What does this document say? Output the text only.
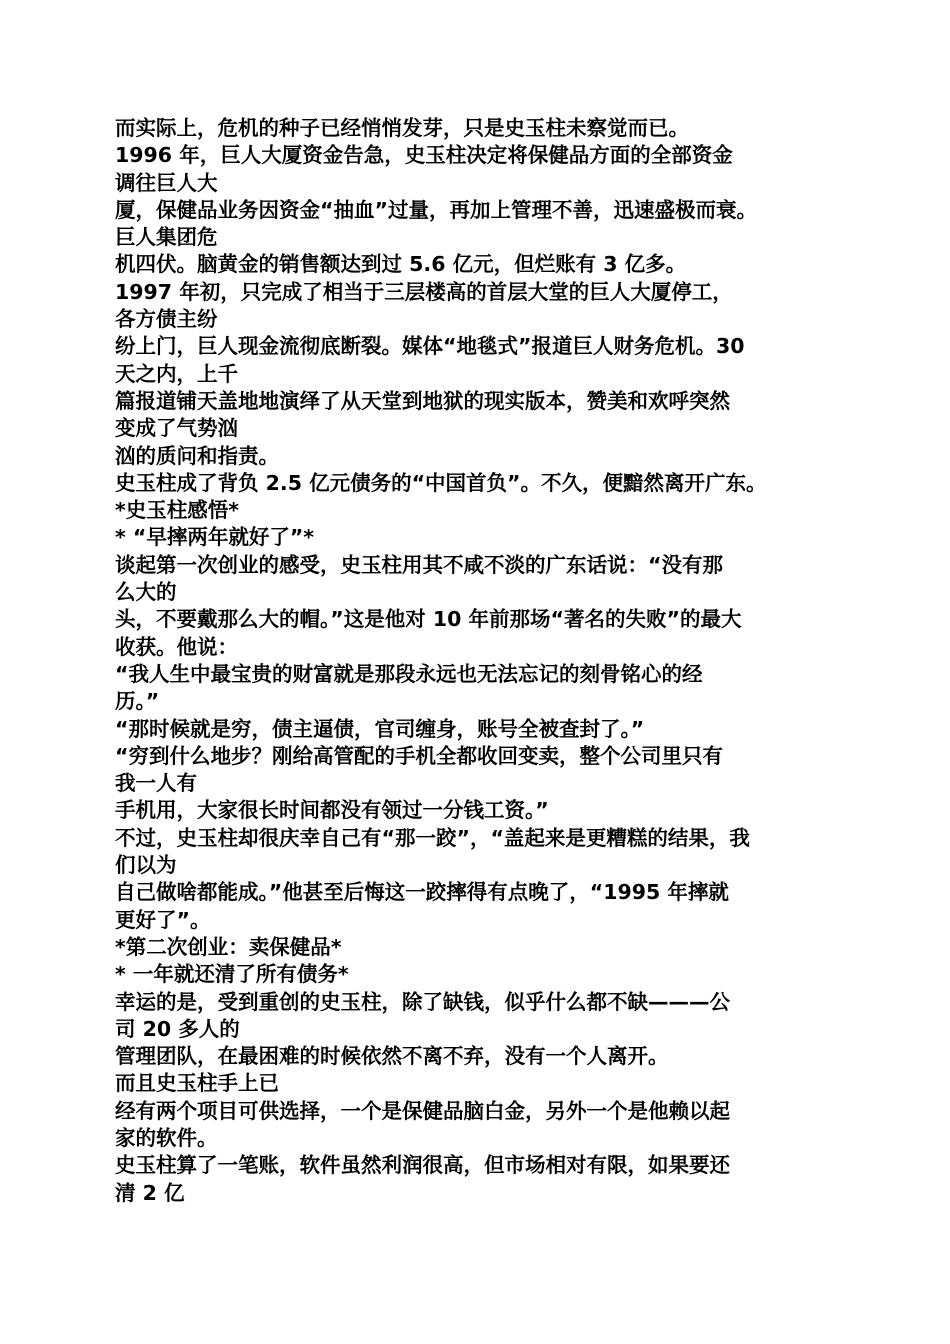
而实际上，危机的种子已经悄悄发芽，只是史玉柱未察觉而已。
1996 年，巨人大厦资金告急，史玉柱决定将保健品方面的全部资金
调往巨人大
厦，保健品业务因资金“抽血”过量，再加上管理不善，迅速盛极而衰。
巨人集团危
机四伏。脑黄金的销售额达到过 5.6 亿元，但烂账有 3 亿多。
1997 年初，只完成了相当于三层楼高的首层大堂的巨人大厦停工，
各方债主纷
纷上门，巨人现金流彻底断裂。媒体“地毯式”报道巨人财务危机。30
天之内，上千
篇报道铺天盖地地演绎了从天堂到地狱的现实版本，赞美和欢呼突然
变成了气势汹
汹的质问和指责。
史玉柱成了背负 2.5 亿元债务的“中国首负”。不久，便黯然离开广东。
*史玉柱感悟*
* “早摔两年就好了”*
谈起第一次创业的感受，史玉柱用其不咸不淡的广东话说：“没有那
么大的
头，不要戴那么大的帽。”这是他对 10 年前那场“著名的失败”的最大
收获。他说：
“我人生中最宝贵的财富就是那段永远也无法忘记的刻骨铭心的经
历。”
“那时候就是穷，债主逼债，官司缠身，账号全被查封了。”
“穷到什么地步？刚给高管配的手机全都收回变卖，整个公司里只有
我一人有
手机用，大家很长时间都没有领过一分钱工资。”
不过，史玉柱却很庆幸自己有“那一跤”，“盖起来是更糟糕的结果，我
们以为
自己做啥都能成。”他甚至后悔这一跤摔得有点晚了，“1995 年摔就
更好了”。
*第二次创业：卖保健品*
* 一年就还清了所有债务*
幸运的是，受到重创的史玉柱，除了缺钱，似乎什么都不缺———公
司 20 多人的
管理团队，在最困难的时候依然不离不弃，没有一个人离开。
而且史玉柱手上已
经有两个项目可供选择，一个是保健品脑白金，另外一个是他赖以起
家的软件。
史玉柱算了一笔账，软件虽然利润很高，但市场相对有限，如果要还
清 2 亿
